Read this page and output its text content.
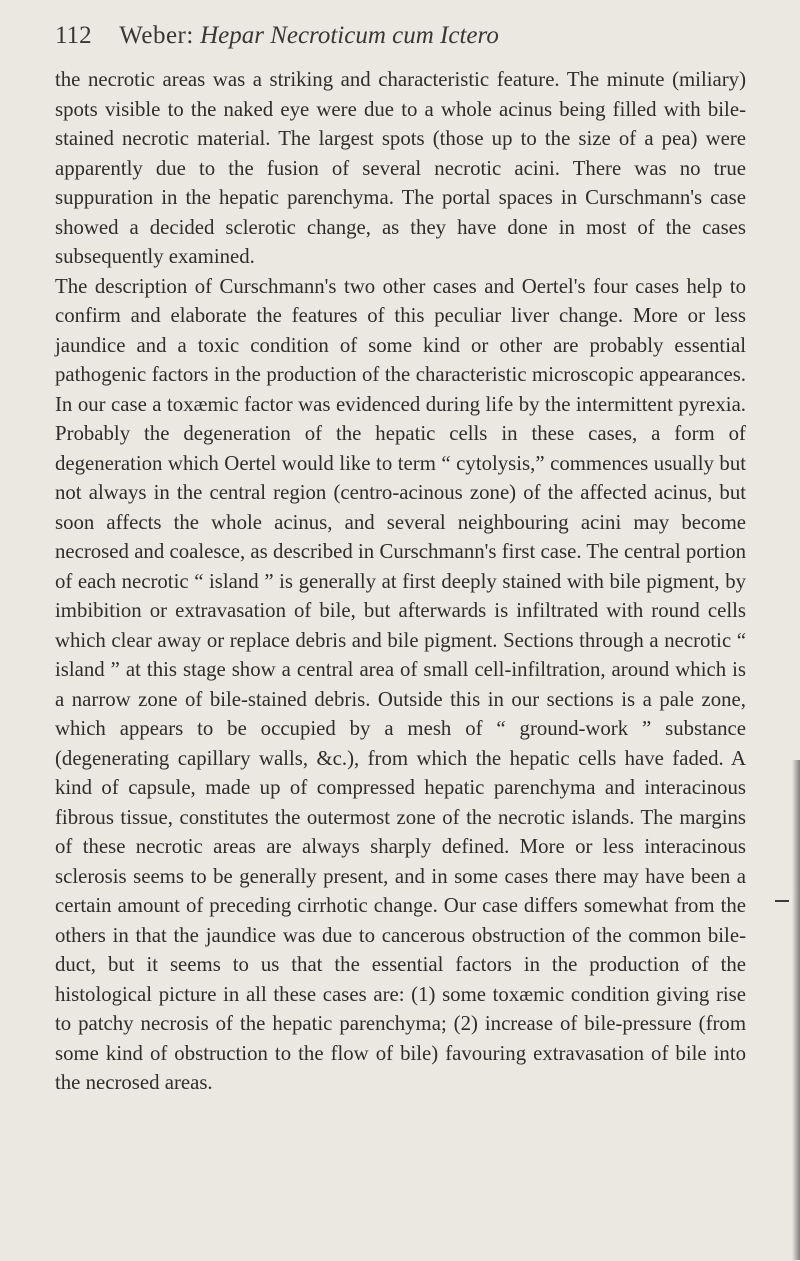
112 Weber: Hepar Necroticum cum Ictero

the necrotic areas was a striking and characteristic feature. The minute (miliary) spots visible to the naked eye were due to a whole acinus being filled with bile-stained necrotic material. The largest spots (those up to the size of a pea) were apparently due to the fusion of several necrotic acini. There was no true suppuration in the hepatic parenchyma. The portal spaces in Curschmann's case showed a decided sclerotic change, as they have done in most of the cases subsequently examined.

The description of Curschmann's two other cases and Oertel's four cases help to confirm and elaborate the features of this peculiar liver change. More or less jaundice and a toxic condition of some kind or other are probably essential pathogenic factors in the production of the characteristic microscopic appearances. In our case a toxæmic factor was evidenced during life by the intermittent pyrexia. Probably the degeneration of the hepatic cells in these cases, a form of degeneration which Oertel would like to term “ cytolysis,” commences usually but not always in the central region (centro-acinous zone) of the affected acinus, but soon affects the whole acinus, and several neighbouring acini may become necrosed and coalesce, as described in Curschmann's first case. The central portion of each necrotic “ island ” is generally at first deeply stained with bile pigment, by imbibition or extravasation of bile, but afterwards is infiltrated with round cells which clear away or replace debris and bile pigment. Sections through a necrotic “ island ” at this stage show a central area of small cell-infiltration, around which is a narrow zone of bile-stained debris. Outside this in our sections is a pale zone, which appears to be occupied by a mesh of “ ground-work ” substance (degenerating capillary walls, &c.), from which the hepatic cells have faded. A kind of capsule, made up of compressed hepatic parenchyma and interacinous fibrous tissue, constitutes the outermost zone of the necrotic islands. The margins of these necrotic areas are always sharply defined. More or less interacinous sclerosis seems to be generally present, and in some cases there may have been a certain amount of preceding cirrhotic change. Our case differs somewhat from the others in that the jaundice was due to cancerous obstruction of the common bile-duct, but it seems to us that the essential factors in the production of the histological picture in all these cases are: (1) some toxæmic condition giving rise to patchy necrosis of the hepatic parenchyma; (2) increase of bile-pressure (from some kind of obstruction to the flow of bile) favouring extravasation of bile into the necrosed areas.
